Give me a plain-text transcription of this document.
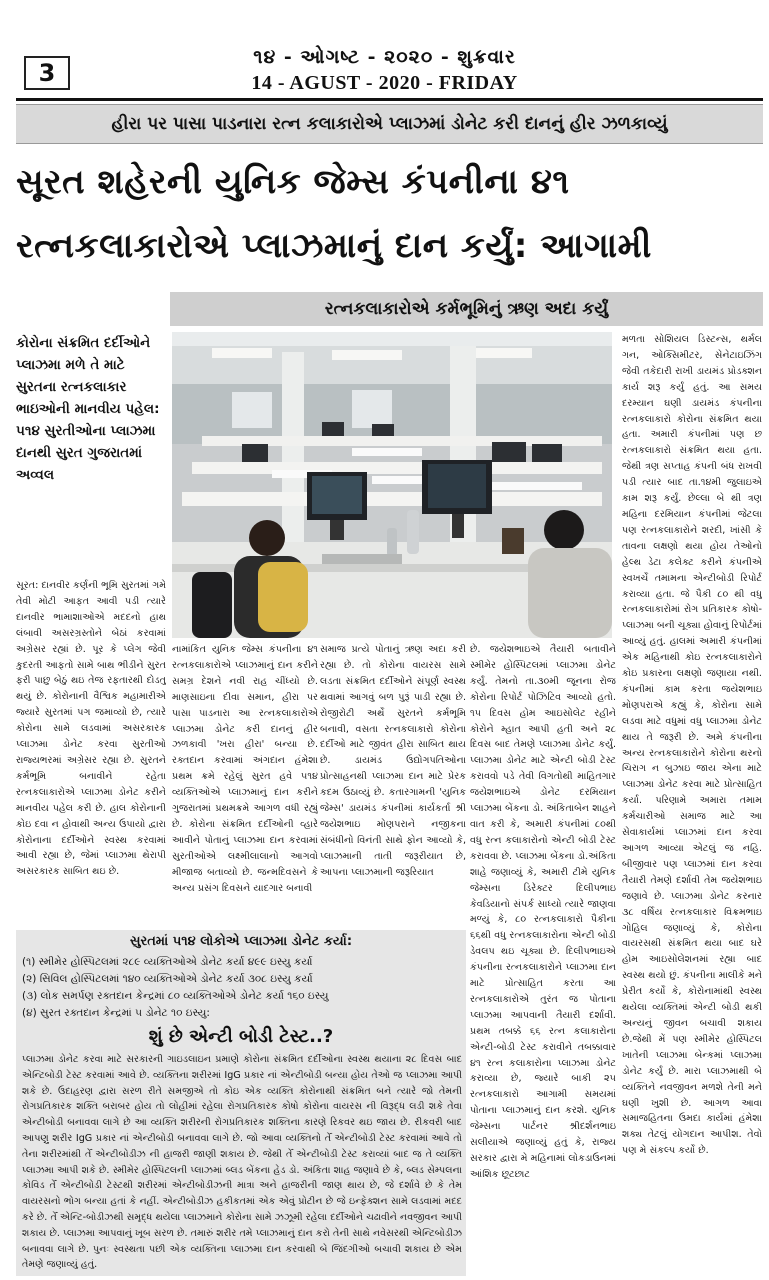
3
૧૪ - ઓગષ્ટ - ૨૦૨૦ - શુક્રવાર
14 - AGUST - 2020 - FRIDAY
હીરા પર પાસા પાડનારા રત્ન કલાકારોએ પ્લાઝમાં ડોનેટ કરી દાનનું હીર ઝળકાવ્યું
સૂરત શહેરની યુનિક જેમ્સ કંપનીના ૪૧ રત્નકલાકારોએ પ્લાઝમાનું દાન કર્યું: આગામી
રત્નકલાકારોએ કર્મભૂમિનું ઋણ અદા કર્યું
કોરોના સંક્રમિત દર્દીઓને પ્લાઝમા મળે તે માટે સુરતના રત્નકલાકાર ભાઇઓની માનવીય પહેલ: ૫૧૪ સુરતીઓના પ્લાઝમા દાનથી સુરત ગુજરાતમાં અવ્વલ
સૂરત: દાનવીર કર્ણની ભૂમિ સુરતમાં ગમે તેવી મોટી આફત આવી પડી ત્યારે દાનવીર ભામાશાઓએ મદદનો હાથ લંબાવી અસરગ્રસ્તોને બેઠાં કરવામાં અગ્રેસર રહ્યાં છે. પૂર કે પ્લેગ જેવી કુદરતી આફતો સામે બાથ ભીડીને સુરત ફરી પાછુ બેઠું થઇ તેજ રફતારથી દોડતુ થયું છે. કોરોનાની વૈશ્વિક મહામારીએ જ્યારે સુરતમાં પગ જમાવ્યો છે, ત્યારે કોરોના સામે લડવામાં અસરકારક પ્લાઝમા ડોનેટ કરવા સુરતીઓ રાજ્યભરમાં અગ્રેસર રહ્યા છે. સુરતને કર્મભૂમિ બનાવીને રહેતા રત્નકલાકારોએ પ્લાઝમા ડોનેટ કરીને માનવીય પહેલ કરી છે. હાલ કોરોનાની કોઇ દવા ન હોવાથી અન્ય ઉપાયો દ્વારા કોરોનાના દર્દીઓને સ્વસ્થ કરવામાં આવી રહ્યા છે, જેમાં પ્લાઝમા થેરાપી અસરકારક સાબિત થઇ છે.
નામાંકિત યુનિક જેમ્સ કંપનીના ૪૧ રત્નકલાકારોએ પ્લાઝમાનું દાન કરીને સમગ્ર દેશને નવી રાહ ચીંધ્યો છે. માણસાઇના દીવા સમાન, હીરા પર પાસા પાડનારા આ રત્નકલાકારોએ પ્લાઝમા ડોનેટ કરી દાનનું હીર ઝળકાવી 'ખરા હીરા' બન્યા છે. રક્તદાન કરવામાં અંગદાન હંમેશા પ્રથમ ક્રમે રહેલું સુરત હવે ૫૧૪ વ્યક્તિઓએ પ્લાઝમાનું દાન કરીને ગુજરાતમાં પ્રથમક્રમે આગળ વધી રહ્યું છે. કોરોના સંક્રમિત દર્દીઓની વ્હારે આવીને પોતાનું પ્લાઝમા દાન કરવામાં સુરતીઓએ લક્ષ્મીલાલાનો આગવો મીજાજ બતાવ્યો છે. જન્મદિવસને કે અન્ય પ્રસંગ દિવસને યાદગાર બનાવી
સમાજ પ્રત્યે પોતાનું ઋણ અદા કરી રહ્યા છે. તો કોરોના વાયરસ સામે લડતા સંક્રમિત દર્દીઓને સંપૂર્ણ સ્વસ્થ થવામાં આગવું બળ પુરૂં પાડી રહ્યા છે. રોજીરોટી અર્થે સુરતને કર્મભૂમિ બનાવી, વસતા રત્નકલાકારો કોરોના દર્દીઓ માટે જીવંત હીરા સાબિત થાય છે. ડાયમંડ ઉદ્યોગપતિઓના પ્રોત્સાહનથી પ્લાઝમા દાન માટે પ્રેરક કદમ ઉઠાવ્યું છે. કતારગામની 'યુનિક જેમ્સ' ડાયમંડ કંપનીમાં કાર્યકર્તા શ્રી જયેશભાઇ મોણપરાને નજીકના સંબંધીનો વિનંતી સાથે ફોન આવ્યો કે, પ્લાઝમાની તાતી જરૂરીયાત છે, આપના પ્લાઝમાની જરૂરિયાત
છે. જયેશભાઇએ તૈયારી બતાવીને સ્મીમેર હોસ્પિટલમાં પ્લાઝમા ડોનેટ કર્યું. તેમનો તા.૩૦મી જૂનના રોજ કોરોના રિપોર્ટ પોઝિટિવ આવ્યો હતો. ૧૫ દિવસ હોમ આઇસોલેટ રહીને કોરોને મ્હાત આપી હતી અને ૨૮ દિવસ બાદ તેમણે પ્લાઝમા ડોનેટ કર્યું. પ્લાઝમા ડોનેટ માટે એન્ટી બોડી ટેસ્ટ કરાવવો પડે તેવી વિગતોથી માહિતગાર જયેશભાઇએ ડોનેટ દરમિયાન પ્લાઝમા બેંકના ડો. અંકિતાબેન શાહને વાત કરી કે, અમારી કંપનીમાં ૮૦થી વધુ રત્ન કલાકારોનો એન્ટી બોડી ટેસ્ટ કરાવવા છે. પ્લાઝમા બેંકના ડો.અંકિતા શાહે જણાવ્યું કે, અમારી ટીમે યુનિક જેમ્સના ડિરેક્ટર દિલીપભાઇ કેવડિયાનો સંપર્ક સાધ્યો ત્યારે જાણવા મળ્યું કે, ૮૦ રત્નકલાકારો પૈકીના ૬૬થી વધુ રત્નકલાકારોના એન્ટી બોડી ડેવલપ થઇ ચૂક્યા છે. દિલીપભાઇએ કંપનીના રત્નકલાકારોને પ્લાઝમા દાન માટે પ્રોત્સાહિત કરતા આ રત્નકલાકારોએ તુરંત જ પોતાના પ્લાઝમા આપવાની તૈયારી દર્શાવી. પ્રથમ તબક્કે ૬૬ રત્ન કલાકારોના એન્ટી-બોડી ટેસ્ટ કરાવીને તબક્કાવાર ૪૧ રત્ન કલાકારોના પ્લાઝમા ડોનેટ કરાવ્યા છે, જ્યારે બાકી ૨૫ રત્નકલાકારો આગામી સમયમાં પોતાના પ્લાઝમાનું દાન કરશે. યુનિક જેમ્સના પાર્ટનર શ્રીદર્શનભાઇ સલીયાએ જણાવ્યું હતું કે, રાજ્ય સરકાર દ્વારા મે મહિનામાં લોકડાઉનમાં આંશિક છૂટછાટ
મળતા સોશિયલ ડિસ્ટન્સ, થર્મલ ગન, ઓક્સિમીટર, સેનેટાઇઝિંગ જેવી તકેદારી રાખી ડાયમંડ પ્રોડક્શન કાર્ય શરૂ કર્યું હતું. આ સમય દરમ્યાન ઘણી ડાયમંડ કંપનીના રત્નકલાકારો કોરોના સંક્રમિત થયા હતા. અમારી કંપનીમાં પણ છ રત્નકલાકારો સંક્રમિત થયા હતા. જેથી ત્રણ સપ્તાહ કંપની બંધ રાખવી પડી ત્યાર બાદ તા.૧૪મી જુલાઇએ કામ શરૂ કર્યું. છેલ્લા બે થી ત્રણ મહિના દરમિયાન કંપનીમાં જેટલા પણ રત્નકલાકારોને શરદી, ખાંસી કે તાવના લક્ષણો થયા હોય તેઓનો હેલ્થ ડેટા કલેક્ટ કરીને કંપનીએ સ્વખર્ચે તમામના એન્ટીબોડી રિપોર્ટ કરાવ્યા હતા. જે પૈકી ૮૦ થી વધુ રત્નકલાકારોમાં રોગ પ્રતિકારક કોષો-પ્લાઝમા બની ચૂક્યા હોવાનું રિપોર્ટમાં આવ્યું હતું. હાલમાં અમારી કંપનીમાં એક મહિનાથી કોઇ રત્નકલાકારોને કોઇ પ્રકારના લક્ષણો જણાયા નથી. કંપનીમાં કામ કરતા જયેશભાઇ મોણપરાએ કહ્યું કે, કોરોના સામે લડવા માટે વધુમાં વધુ પ્લાઝમા ડોનેટ થાય તે જરૂરી છે. અમે કંપનીના અન્ય રત્નકલાકારોને કોરોના થરનો ચિરાગ ન બુઝાઇ જાય એના માટે પ્લાઝમા ડોનેટ કરવા માટે પ્રોત્સાહિત કર્યા. પરિણામે અમારા તમામ કર્મચારીઓ સમાજ માટે આ સેવાકાર્યમાં પ્લાઝમાં દાન કરવા આગળ આવ્યા એટલું જ નહિ. બીજીવાર પણ પ્લાઝમાં દાન કરવા તૈયારી તેમણે દર્શાવી તેમ જયેશભાઇ જણાવે છે. પ્લાઝમા ડોનેટ કરનાર ૩૮ વર્ષિય રત્નકલાકાર વિક્રમભાઇ ગોહિલ જણાવ્યું કે, કોરોના વાયરસથી સંક્રમિત થયા બાદ ઘરે હોમ આઇસોલેશનમાં રહ્યા બાદ સ્વસ્થ થયો છું. કંપનીના માલીકે મને પ્રેરીત કર્યો કે, કોરોનામાંથી સ્વસ્થ થયેલા વ્યક્તિમાં એન્ટી બોડી થકી અન્યનું જીવન બચાવી શકાય છે.જેથી મેં પણ સ્મીમેર હોસ્પિટલ ખાતેની પ્લાઝમા બેન્કમાં પ્લાઝમા ડોનેટ કર્યું છે. મારા પ્લાઝમાથી બે વ્યક્તિને નવજીવન મળશે તેની મને ઘણી ખુશી છે. આગળ આવા સમાજહિતના ઉમદા કાર્યમાં હંમેશા શક્ય તેટલું યોગદાન આપીશ. તેવો પણ મે સંકલ્પ કર્યો છે.
સુરતમાં ૫૧૪ લોકોએ પ્લાઝમા ડોનેટ કર્યા:
(૧) સ્મીમેર હોસ્પિટલમાં ૨૮૯ વ્યક્તિઓએ ડોનેટ કર્યા ૪૯૯ ઇસ્યુ કર્યા
(૨) સિવિલ હોસ્પિટલમાં ૧૪૦ વ્યક્તિઓએ ડોનેટ કર્યા ૩૦૮ ઇસ્યુ કર્યા
(૩) લોક સમર્પણ રક્તદાન કેન્દ્રમાં ૮૦ વ્યક્તિઓએ ડોનેટ કર્યા ૧૬૦ ઇસ્યુ
(૪) સુરત રક્તદાન કેન્દ્રમાં ૫ ડોનેટ ૧૦ ઇસ્યુ:
શું છે એન્ટી બોડી ટેસ્ટ..?
પ્લાઝમા ડોનેટ કરવા માટે સરકારની ગાઇડલાઇન પ્રમાણે કોરોના સંક્રમિત દર્દીઓના સ્વસ્થ થયાના ૨૮ દિવસ બાદ એન્ટિબોડી ટેસ્ટ કરવામાં આવે છે. વ્યક્તિના શરીરમાં IgG પ્રકાર નાં એન્ટીબોડી બન્યા હોય તેઓ જ પ્લાઝમા આપી શકે છે. ઉદાહરણ દ્વારા સરળ રીતે સમજીએ તો કોઇ એક વ્યક્તિ કોરોનાથી સંક્રમિત બને ત્યારે જો તેમની રોગપ્રતિકારક શક્તિ બરાબર હોય તો લોહીમાં રહેલા રોગપ્રતિકારક કોષો કોરોના વાયરસ ની વિરૂદ્ધ લડી શકે તેવા એન્ટીબોડી બનાવવા લાગે છે આ વ્યક્તિ શરીરની રોગપ્રતિકારક શક્તિના કારણે રિકવર થઇ જાય છે. રીકવરી બાદ આપણુ શરીર IgG પ્રકાર નાં એન્ટીબોડી બનાવવા લાગે છે. જો આવા વ્યક્તિનો તેઁ એન્ટીબોડી ટેસ્ટ કરવામાં આવે તો તેના શરીરમાંથી તેઁ એન્ટીબોડીઝ ની હાજરી જાણી શકાય છે. જેથી તેઁ એન્ટીબોડી ટેસ્ટ કરાવ્યાં બાદ જ તે વ્યક્તિ પ્લાઝમા આપી શકે છે. સ્મીમેર હોસ્પિટલની પ્લાઝમાં બ્લડ બેંકના હેડ ડો. અંકિતા શાહ જણાવે છે કે, બ્લડ સેમ્પલના કોવિડ તેઁ એન્ટીબોડી ટેસ્ટથી શરીરમાં એન્ટીબોડીઝની માત્રા અને હાજરીની જાણ થાય છે, જે દર્શાવે છે કે તેમ વાયરસનો ભોગ બન્યા હતાં કે નહીં. એન્ટીબોડીઝ હકીકતમાં એક એવું પ્રોટીન છે જે ઇન્ફેક્શન સામે લડવામાં મદદ કરે છે. તેઁ એન્ટિ-બોડીઝથી સમૃદ્ધ થયેલા પ્લાઝમાને કોરોના સામે ઝઝૂમી રહેલા દર્દીઓને ચઢાવીને નવજીવન આપી શકાય છે. પ્લાઝમા આપવાનું ખૂબ સરળ છે. તમારું શરીર તમે પ્લાઝમાનું દાન કરો તેની સાથે નવેસરથી એન્ટિબોડીઝ બનાવવા લાગે છે. પુનઃ સ્વસ્થતા પછી એક વ્યક્તિના પ્લાઝમા દાન કરવાથી બે જિંદગીઓ બચાવી શકાય છે એમ તેમણે જણાવ્યું હતું.
